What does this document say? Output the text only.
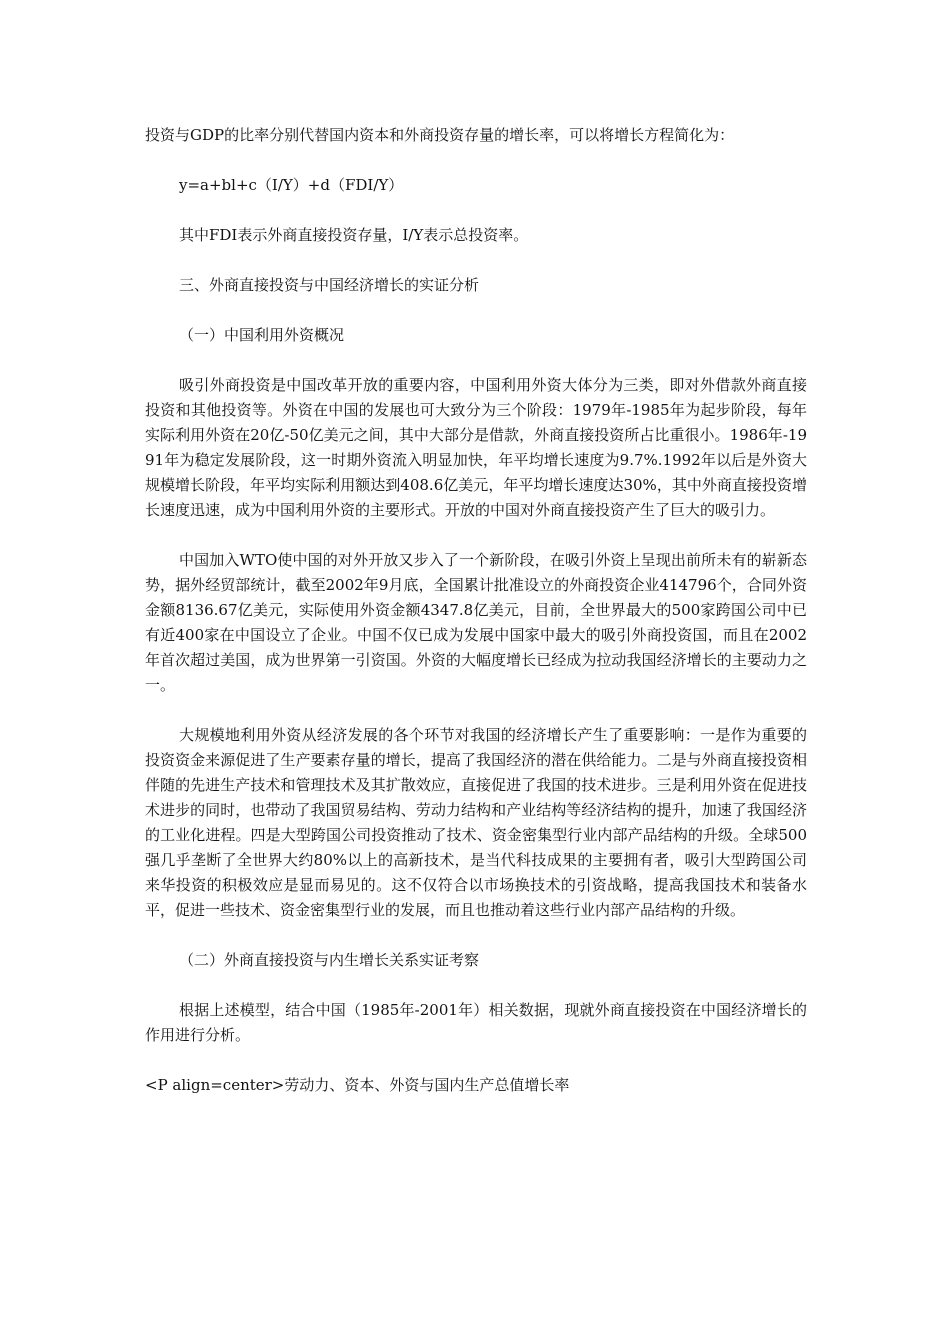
投资与GDP的比率分别代替国内资本和外商投资存量的增长率，可以将增长方程简化为：

y=a+bl+c（I/Y）+d（FDI/Y）

其中FDI表示外商直接投资存量，I/Y表示总投资率。

三、外商直接投资与中国经济增长的实证分析

（一）中国利用外资概况

吸引外商投资是中国改革开放的重要内容，中国利用外资大体分为三类，即对外借款外商直接投资和其他投资等。外资在中国的发展也可大致分为三个阶段：1979年-1985年为起步阶段，每年实际利用外资在20亿-50亿美元之间，其中大部分是借款，外商直接投资所占比重很小。1986年-1991年为稳定发展阶段，这一时期外资流入明显加快，年平均增长速度为9.7%.1992年以后是外资大规模增长阶段，年平均实际利用额达到408.6亿美元，年平均增长速度达30%，其中外商直接投资增长速度迅速，成为中国利用外资的主要形式。开放的中国对外商直接投资产生了巨大的吸引力。

中国加入WTO使中国的对外开放又步入了一个新阶段，在吸引外资上呈现出前所未有的崭新态势，据外经贸部统计，截至2002年9月底，全国累计批准设立的外商投资企业414796个，合同外资金额8136.67亿美元，实际使用外资金额4347.8亿美元，目前，全世界最大的500家跨国公司中已有近400家在中国设立了企业。中国不仅已成为发展中国家中最大的吸引外商投资国，而且在2002年首次超过美国，成为世界第一引资国。外资的大幅度增长已经成为拉动我国经济增长的主要动力之一。

大规模地利用外资从经济发展的各个环节对我国的经济增长产生了重要影响：一是作为重要的投资资金来源促进了生产要素存量的增长，提高了我国经济的潜在供给能力。二是与外商直接投资相伴随的先进生产技术和管理技术及其扩散效应，直接促进了我国的技术进步。三是利用外资在促进技术进步的同时，也带动了我国贸易结构、劳动力结构和产业结构等经济结构的提升，加速了我国经济的工业化进程。四是大型跨国公司投资推动了技术、资金密集型行业内部产品结构的升级。全球500强几乎垄断了全世界大约80%以上的高新技术，是当代科技成果的主要拥有者，吸引大型跨国公司来华投资的积极效应是显而易见的。这不仅符合以市场换技术的引资战略，提高我国技术和装备水平，促进一些技术、资金密集型行业的发展，而且也推动着这些行业内部产品结构的升级。

（二）外商直接投资与内生增长关系实证考察

根据上述模型，结合中国（1985年-2001年）相关数据，现就外商直接投资在中国经济增长的作用进行分析。

<P align=center>劳动力、资本、外资与国内生产总值增长率
